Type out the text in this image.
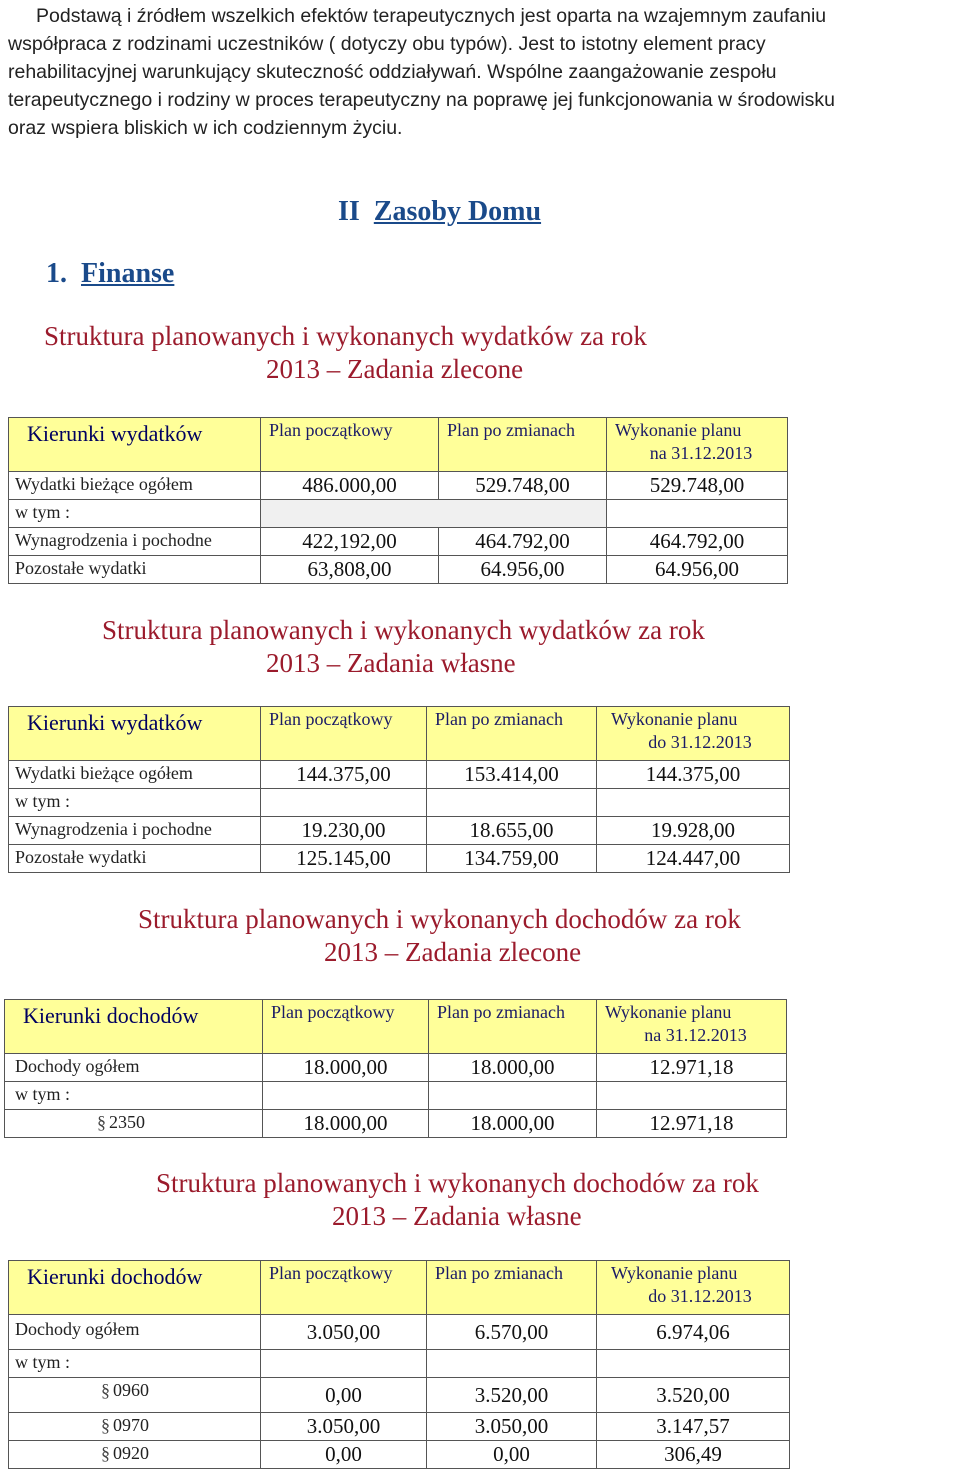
Podstawą i źródłem wszelkich efektów terapeutycznych jest oparta na wzajemnym zaufaniu
współpraca z rodzinami uczestników ( dotyczy obu typów). Jest to istotny element pracy
rehabilitacyjnej warunkujący skuteczność oddziaływań. Wspólne zaangażowanie zespołu
terapeutycznego i rodziny w proces terapeutyczny na poprawę jej funkcjonowania w środowisku
oraz wspiera bliskich w ich codziennym życiu.
II Zasoby Domu
1. Finanse
Struktura planowanych i wykonanych wydatków za rok
2013 – Zadania zlecone
Kierunki wydatków	Plan początkowy	Plan po zmianach	Wykonanie planu
na 31.12.2013

Wydatki bieżące ogółem	486.000,00	529.748,00	529.748,00
w tym :			
Wynagrodzenia i pochodne	422,192,00	464.792,00	464.792,00
Pozostałe wydatki	63,808,00	64.956,00	64.956,00
Struktura planowanych i wykonanych wydatków za rok
2013 – Zadania własne
Kierunki wydatków	Plan początkowy	Plan po zmianach	Wykonanie planu
do 31.12.2013

Wydatki bieżące ogółem	144.375,00	153.414,00	144.375,00
w tym :			
Wynagrodzenia i pochodne	19.230,00	18.655,00	19.928,00
Pozostałe wydatki	125.145,00	134.759,00	124.447,00
Struktura planowanych i wykonanych dochodów za rok
2013 – Zadania zlecone
Kierunki dochodów	Plan początkowy	Plan po zmianach	Wykonanie planu
na 31.12.2013

Dochody ogółem	18.000,00	18.000,00	12.971,18
w tym :			
§ 2350	18.000,00	18.000,00	12.971,18
Struktura planowanych i wykonanych dochodów za rok
2013 – Zadania własne
Kierunki dochodów	Plan początkowy	Plan po zmianach	Wykonanie planu
do 31.12.2013

Dochody ogółem	3.050,00	6.570,00	6.974,06
w tym :			
§ 0960	0,00	3.520,00	3.520,00
§ 0970	3.050,00	3.050,00	3.147,57
§ 0920	0,00	0,00	306,49
